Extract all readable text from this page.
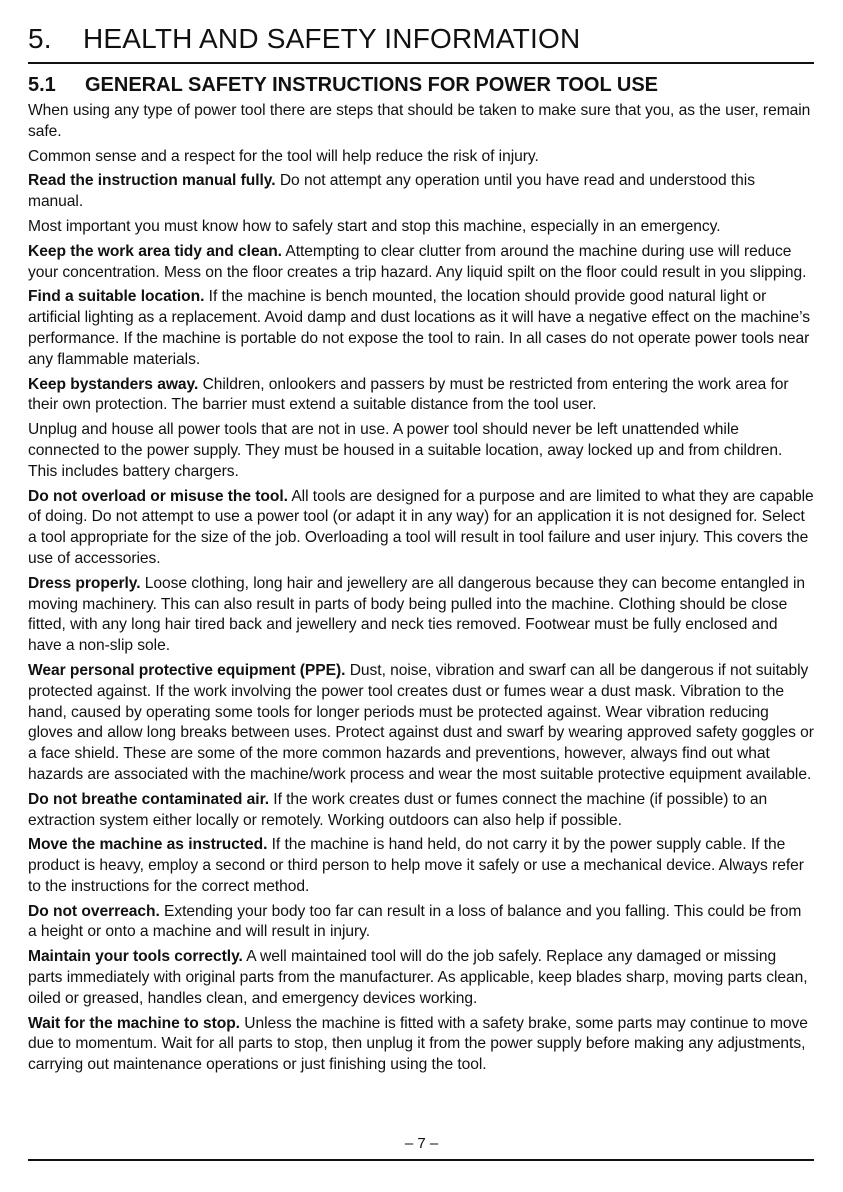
5. HEALTH AND SAFETY INFORMATION
5.1 GENERAL SAFETY INSTRUCTIONS FOR POWER TOOL USE

When using any type of power tool there are steps that should be taken to make sure that you, as the user, remain safe.

Common sense and a respect for the tool will help reduce the risk of injury.

Read the instruction manual fully. Do not attempt any operation until you have read and understood this manual.

Most important you must know how to safely start and stop this machine, especially in an emergency.

Keep the work area tidy and clean. Attempting to clear clutter from around the machine during use will reduce your concentration. Mess on the floor creates a trip hazard. Any liquid spilt on the floor could result in you slipping.

Find a suitable location. If the machine is bench mounted, the location should provide good natural light or artificial lighting as a replacement. Avoid damp and dust locations as it will have a negative effect on the machine’s performance. If the machine is portable do not expose the tool to rain. In all cases do not operate power tools near any flammable materials.

Keep bystanders away. Children, onlookers and passers by must be restricted from entering the work area for their own protection. The barrier must extend a suitable distance from the tool user.

Unplug and house all power tools that are not in use. A power tool should never be left unattended while connected to the power supply. They must be housed in a suitable location, away locked up and from children. This includes battery chargers.

Do not overload or misuse the tool. All tools are designed for a purpose and are limited to what they are capable of doing. Do not attempt to use a power tool (or adapt it in any way) for an application it is not designed for. Select a tool appropriate for the size of the job. Overloading a tool will result in tool failure and user injury. This covers the use of accessories.

Dress properly. Loose clothing, long hair and jewellery are all dangerous because they can become entangled in moving machinery. This can also result in parts of body being pulled into the machine. Clothing should be close fitted, with any long hair tired back and jewellery and neck ties removed. Footwear must be fully enclosed and have a non-slip sole.

Wear personal protective equipment (PPE). Dust, noise, vibration and swarf can all be dangerous if not suitably protected against. If the work involving the power tool creates dust or fumes wear a dust mask. Vibration to the hand, caused by operating some tools for longer periods must be protected against. Wear vibration reducing gloves and allow long breaks between uses. Protect against dust and swarf by wearing approved safety goggles or a face shield. These are some of the more common hazards and preventions, however, always find out what hazards are associated with the machine/work process and wear the most suitable protective equipment available.

Do not breathe contaminated air. If the work creates dust or fumes connect the machine (if possible) to an extraction system either locally or remotely. Working outdoors can also help if possible.

Move the machine as instructed. If the machine is hand held, do not carry it by the power supply cable. If the product is heavy, employ a second or third person to help move it safely or use a mechanical device. Always refer to the instructions for the correct method.

Do not overreach. Extending your body too far can result in a loss of balance and you falling. This could be from a height or onto a machine and will result in injury.

Maintain your tools correctly. A well maintained tool will do the job safely. Replace any damaged or missing parts immediately with original parts from the manufacturer. As applicable, keep blades sharp, moving parts clean, oiled or greased, handles clean, and emergency devices working.

Wait for the machine to stop. Unless the machine is fitted with a safety brake, some parts may continue to move due to momentum. Wait for all parts to stop, then unplug it from the power supply before making any adjustments, carrying out maintenance operations or just finishing using the tool.

– 7 –
